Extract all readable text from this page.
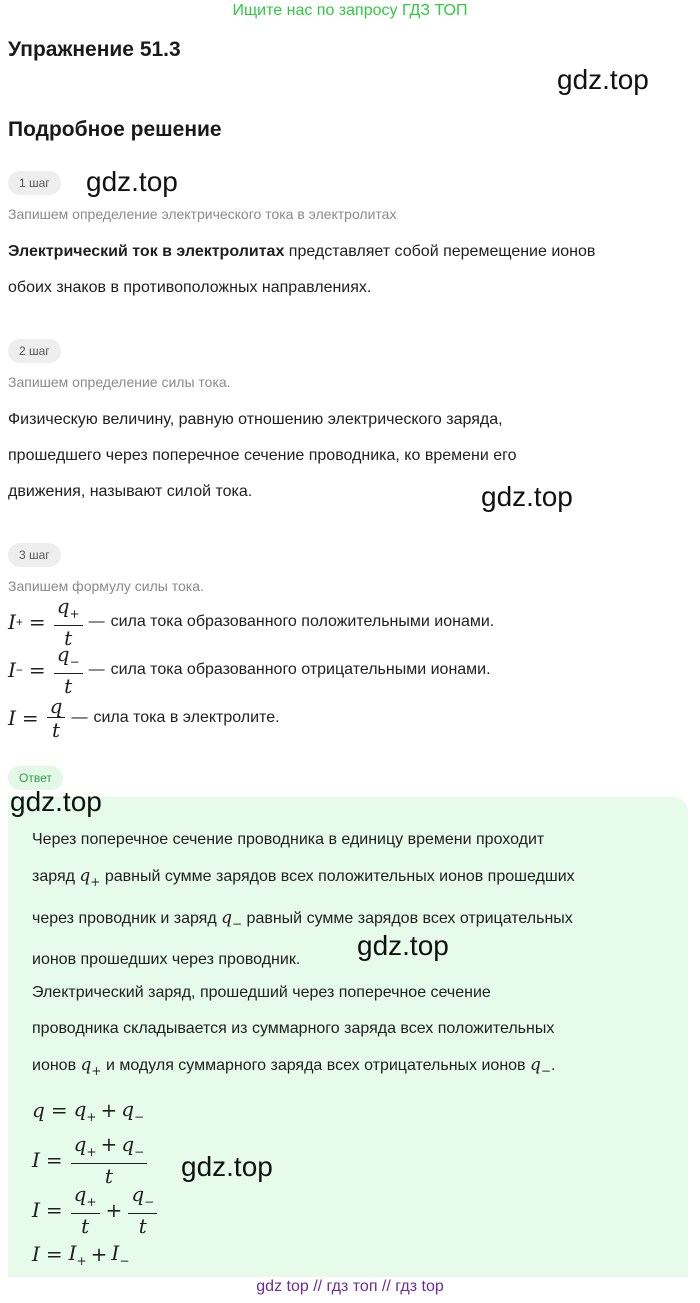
Ищите нас по запросу ГДЗ ТОП
Упражнение 51.3
gdz.top
Подробное решение
1 шаг	gdz.top
Запишем определение электрического тока в электролитах
Электрический ток в электролитах представляет собой перемещение ионов
обоих знаков в противоположных направлениях.
2 шаг
Запишем определение силы тока.
Физическую величину, равную отношению электрического заряда,
прошедшего через поперечное сечение проводника, ко времени его
движения, называют силой тока.	gdz.top
3 шаг
Запишем формулу силы тока.
I + = $\frac{q_+}{t}$ — сила тока образованного положительными ионами.
I − = $\frac{q_-}{t}$ — сила тока образованного отрицательными ионами.
$I = \frac{q}{t}$ — сила тока в электролите.
Ответ
gdz.top
Через поперечное сечение проводника в единицу времени проходит
заряд $q_+$ равный сумме зарядов всех положительных ионов прошедших
через проводник и заряд $q_-$ равный сумме зарядов всех отрицательных
ионов прошедших через проводник.	gdz.top
Электрический заряд, прошедший через поперечное сечение
проводника складывается из суммарного заряда всех положительных
ионов $q_+$ и модуля суммарного заряда всех отрицательных ионов $q_-$.
$q = q_+ + q_-$
$I = \frac{q_+ + q_-}{t} gdz.top$
$I = \frac{q_+}{t} + \frac{q_-}{t}$
$I = I_+ + I_-$
gdz top // гдз топ // гдз top
